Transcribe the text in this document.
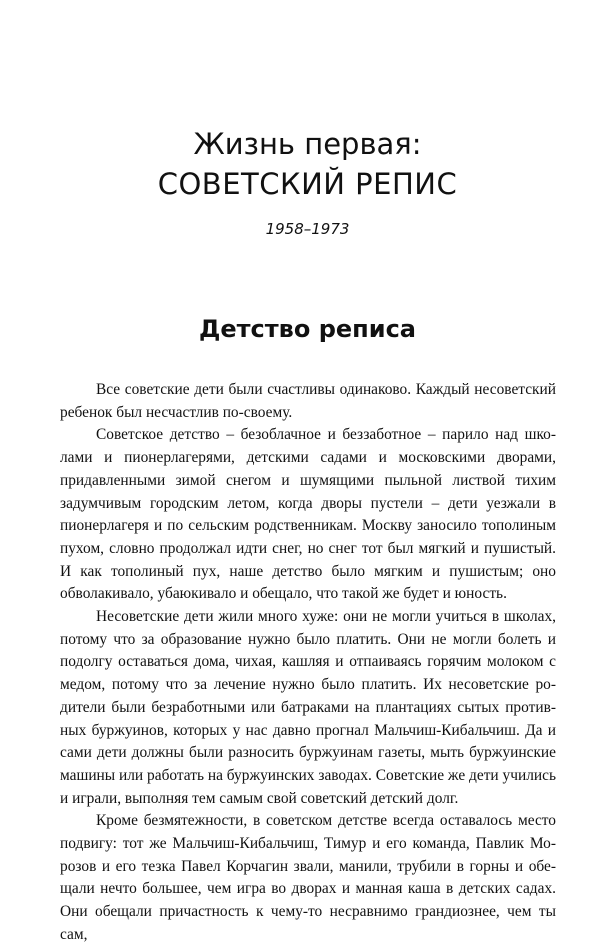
Жизнь первая:
СОВЕТСКИЙ РЕПИС
1958–1973
Детство реписа

Все советские дети были счастливы одинаково. Каждый несоветский ребенок был несчастлив по-своему.

Советское детство – безоблачное и беззаботное – парило над школами и пионерлагерями, детскими садами и московскими дворами, придавленными зимой снегом и шумящими пыльной листвой тихим задумчивым городским летом, когда дворы пустели – дети уезжали в пионерлагеря и по сельским родственникам. Москву заносило тополиным пухом, словно продолжал идти снег, но снег тот был мягкий и пушистый. И как тополиный пух, наше детство было мягким и пушистым; оно обволакивало, убаюкивало и обещало, что такой же будет и юность.

Несоветские дети жили много хуже: они не могли учиться в школах, потому что за образование нужно было платить. Они не могли болеть и подолгу оставаться дома, чихая, кашляя и отпаиваясь горячим молоком с медом, потому что за лечение нужно было платить. Их несоветские родители были безработными или батраками на плантациях сытых противных буржуинов, которых у нас давно прогнал Мальчиш-Кибальчиш. Да и сами дети должны были разносить буржуинам газеты, мыть буржуинские машины или работать на буржуинских заводах. Советские же дети учились и играли, выполняя тем самым свой советский детский долг.

Кроме безмятежности, в советском детстве всегда оставалось место подвигу: тот же Мальчиш-Кибальчиш, Тимур и его команда, Павлик Морозов и его тезка Павел Корчагин звали, манили, трубили в горны и обещали нечто большее, чем игра во дворах и манная каша в детских садах. Они обещали причастность к чему-то несравнимо грандиознее, чем ты сам,
